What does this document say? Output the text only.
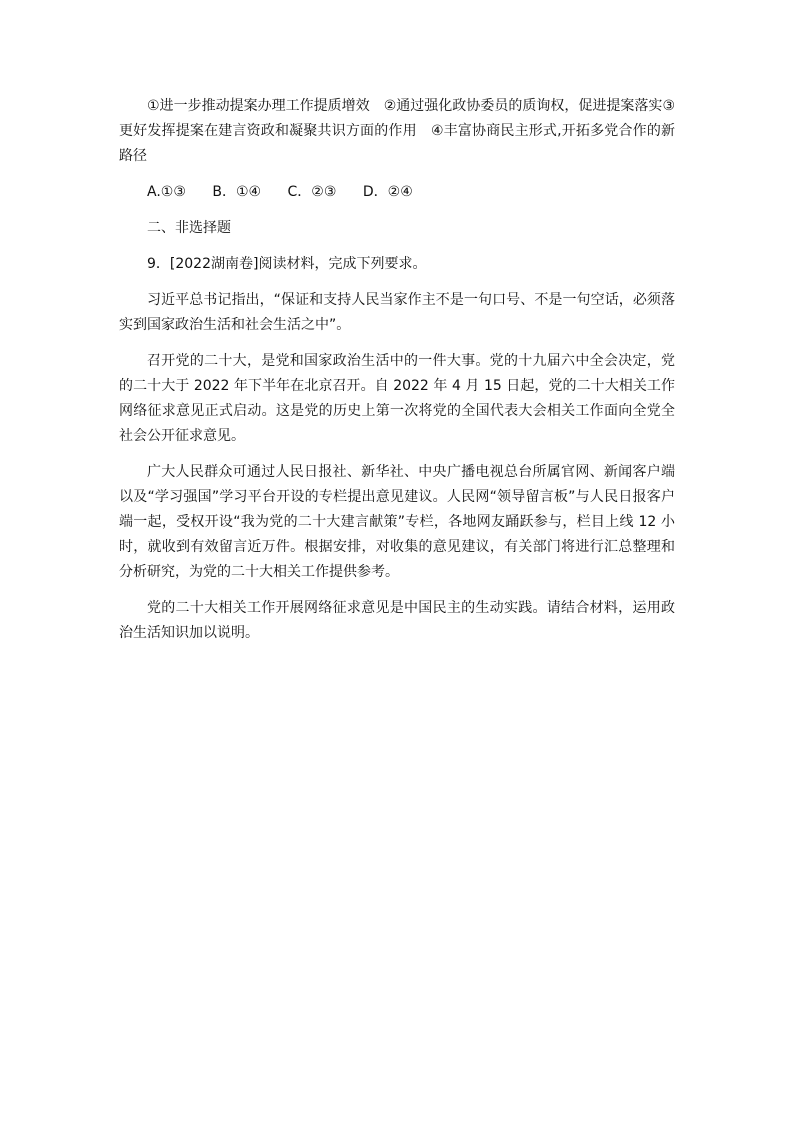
①进一步推动提案办理工作提质增效　②通过强化政协委员的质询权，促进提案落实③更好发挥提案在建言资政和凝聚共识方面的作用　④丰富协商民主形式,开拓多党合作的新路径

A.①③ B．①④ C．②③ D．②④

二、非选择题

9．[2022湖南卷]阅读材料，完成下列要求。

习近平总书记指出，“保证和支持人民当家作主不是一句口号、不是一句空话，必须落实到国家政治生活和社会生活之中”。

召开党的二十大，是党和国家政治生活中的一件大事。党的十九届六中全会决定，党的二十大于 2022 年下半年在北京召开。自 2022 年 4 月 15 日起，党的二十大相关工作网络征求意见正式启动。这是党的历史上第一次将党的全国代表大会相关工作面向全党全社会公开征求意见。

广大人民群众可通过人民日报社、新华社、中央广播电视总台所属官网、新闻客户端以及“学习强国”学习平台开设的专栏提出意见建议。人民网“领导留言板”与人民日报客户端一起，受权开设“我为党的二十大建言献策”专栏，各地网友踊跃参与，栏目上线 12 小时，就收到有效留言近万件。根据安排，对收集的意见建议，有关部门将进行汇总整理和分析研究，为党的二十大相关工作提供参考。

党的二十大相关工作开展网络征求意见是中国民主的生动实践。请结合材料，运用政治生活知识加以说明。
